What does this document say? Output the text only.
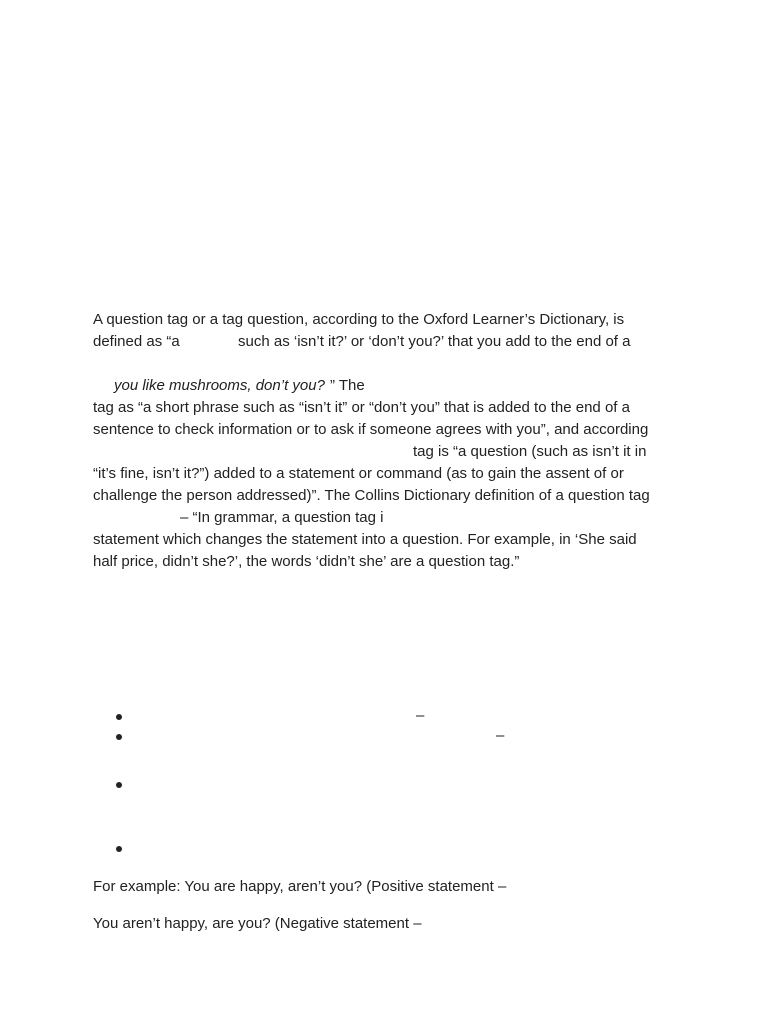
A question tag or a tag question, according to the Oxford Learner’s Dictionary, is
defined as “a	such as ‘isn’t it?’ or ‘don’t you?’ that you add to the end of a
you like mushrooms, don’t you? ” The
tag as “a short phrase such as “isn’t it” or “don’t you” that is added to the end of a
sentence to check information or to ask if someone agrees with you”, and according
tag is “a question (such as isn’t it in
“it’s fine, isn’t it?”) added to a statement or command (as to gain the assent of or
challenge the person addressed)”. The Collins Dictionary definition of a question tag
– “In grammar, a question tag i
statement which changes the statement into a question. For example, in ‘She said
half price, didn’t she?’, the words ‘didn’t she’ are a question tag.”
–
–
For example: You are happy, aren’t you? (Positive statement –
You aren’t happy, are you? (Negative statement –
